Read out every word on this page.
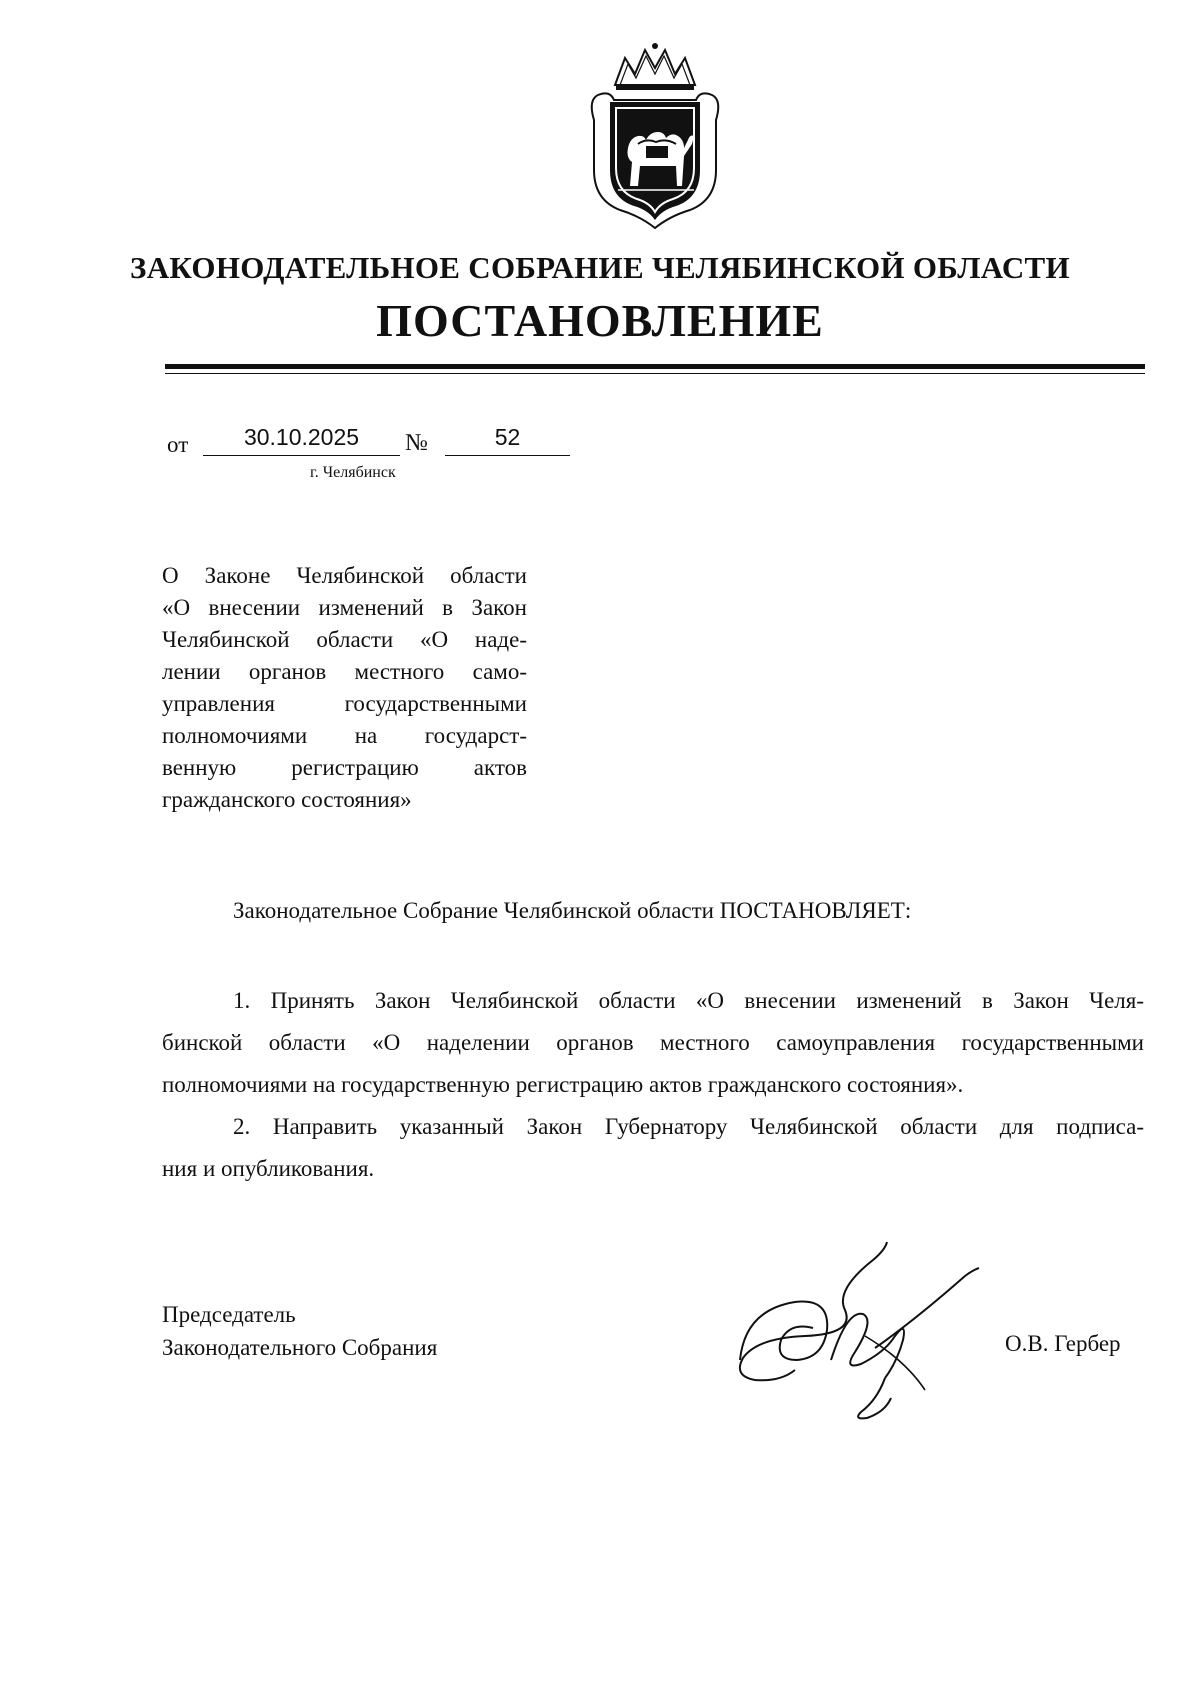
ЗАКОНОДАТЕЛЬНОЕ СОБРАНИЕ ЧЕЛЯБИНСКОЙ ОБЛАСТИ
ПОСТАНОВЛЕНИЕ
от	30.10.2025	№	52
г. Челябинск
О Законе Челябинской области
«О внесении изменений в Закон
Челябинской области «О наде-
лении органов местного само-
управления государственными
полномочиями на государст-
венную регистрацию актов
гражданского состояния»
Законодательное Собрание Челябинской области ПОСТАНОВЛЯЕТ:
1. Принять Закон Челябинской области «О внесении изменений в Закон Челя-
бинской области «О наделении органов местного самоуправления государственными
полномочиями на государственную регистрацию актов гражданского состояния».
2. Направить указанный Закон Губернатору Челябинской области для подписа-
ния и опубликования.
Председатель
Законодательного Собрания	О.В. Гербер
